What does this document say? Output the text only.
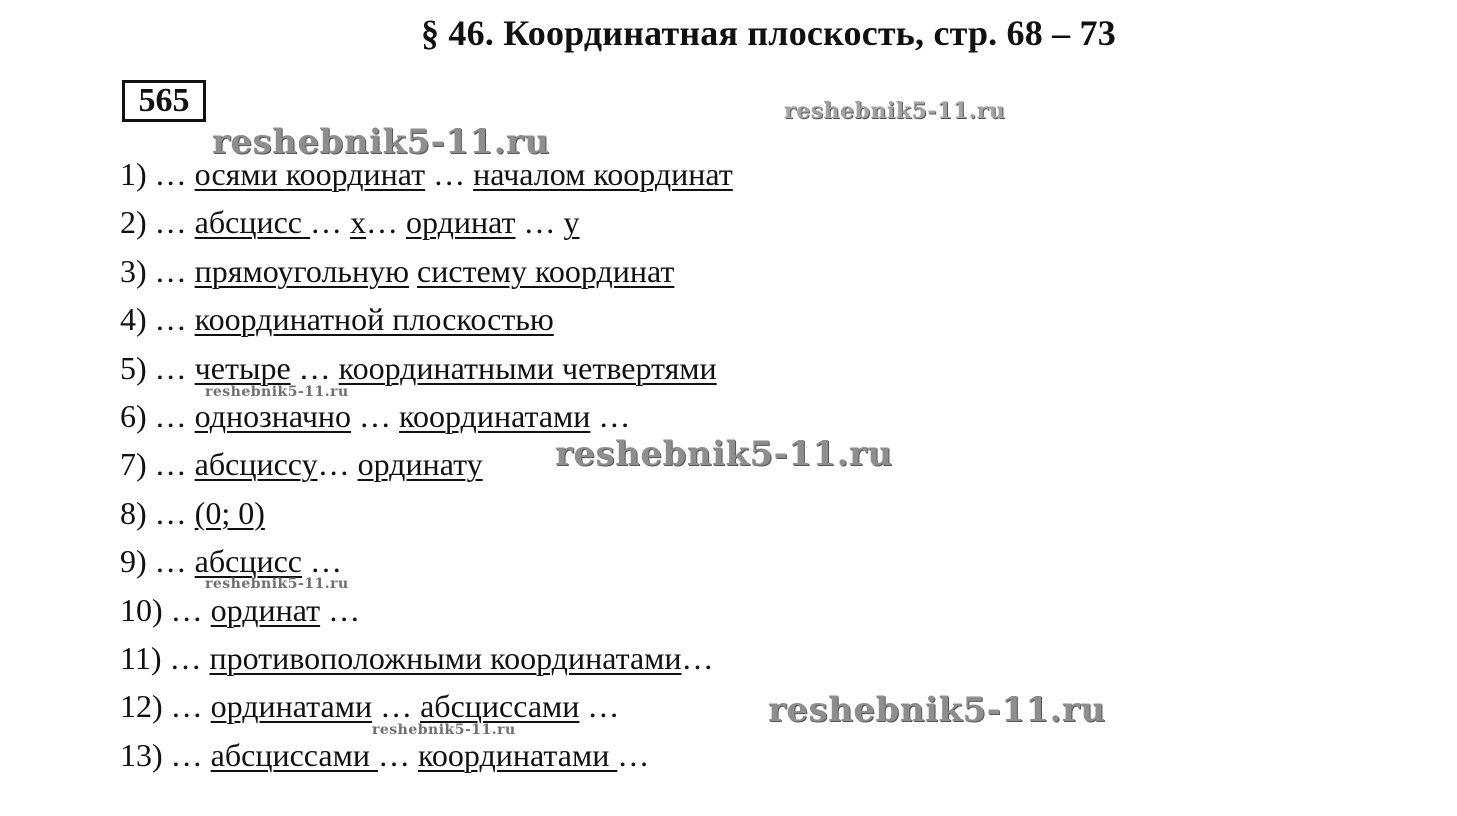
§ 46. Координатная плоскость, стр. 68 – 73
565
1) … осями координат … началом координат
2) … абсцисс … x… ординат … y
3) … прямоугольную систему координат
4) … координатной плоскостью
5) … четыре … координатными четвертями
6) … однозначно … координатами …
7) … абсциссу… ординату
8) … (0; 0)
9) … абсцисс …
10) … ординат …
11) … противоположными координатами…
12) … ординатами … абсциссами …
13) … абсциссами … координатами …
reshebnik5-11.ru
reshebnik5-11.ru
reshebnik5-11.ru
reshebnik5-11.ru
reshebnik5-11.ru
reshebnik5-11.ru
reshebnik5-11.ru
